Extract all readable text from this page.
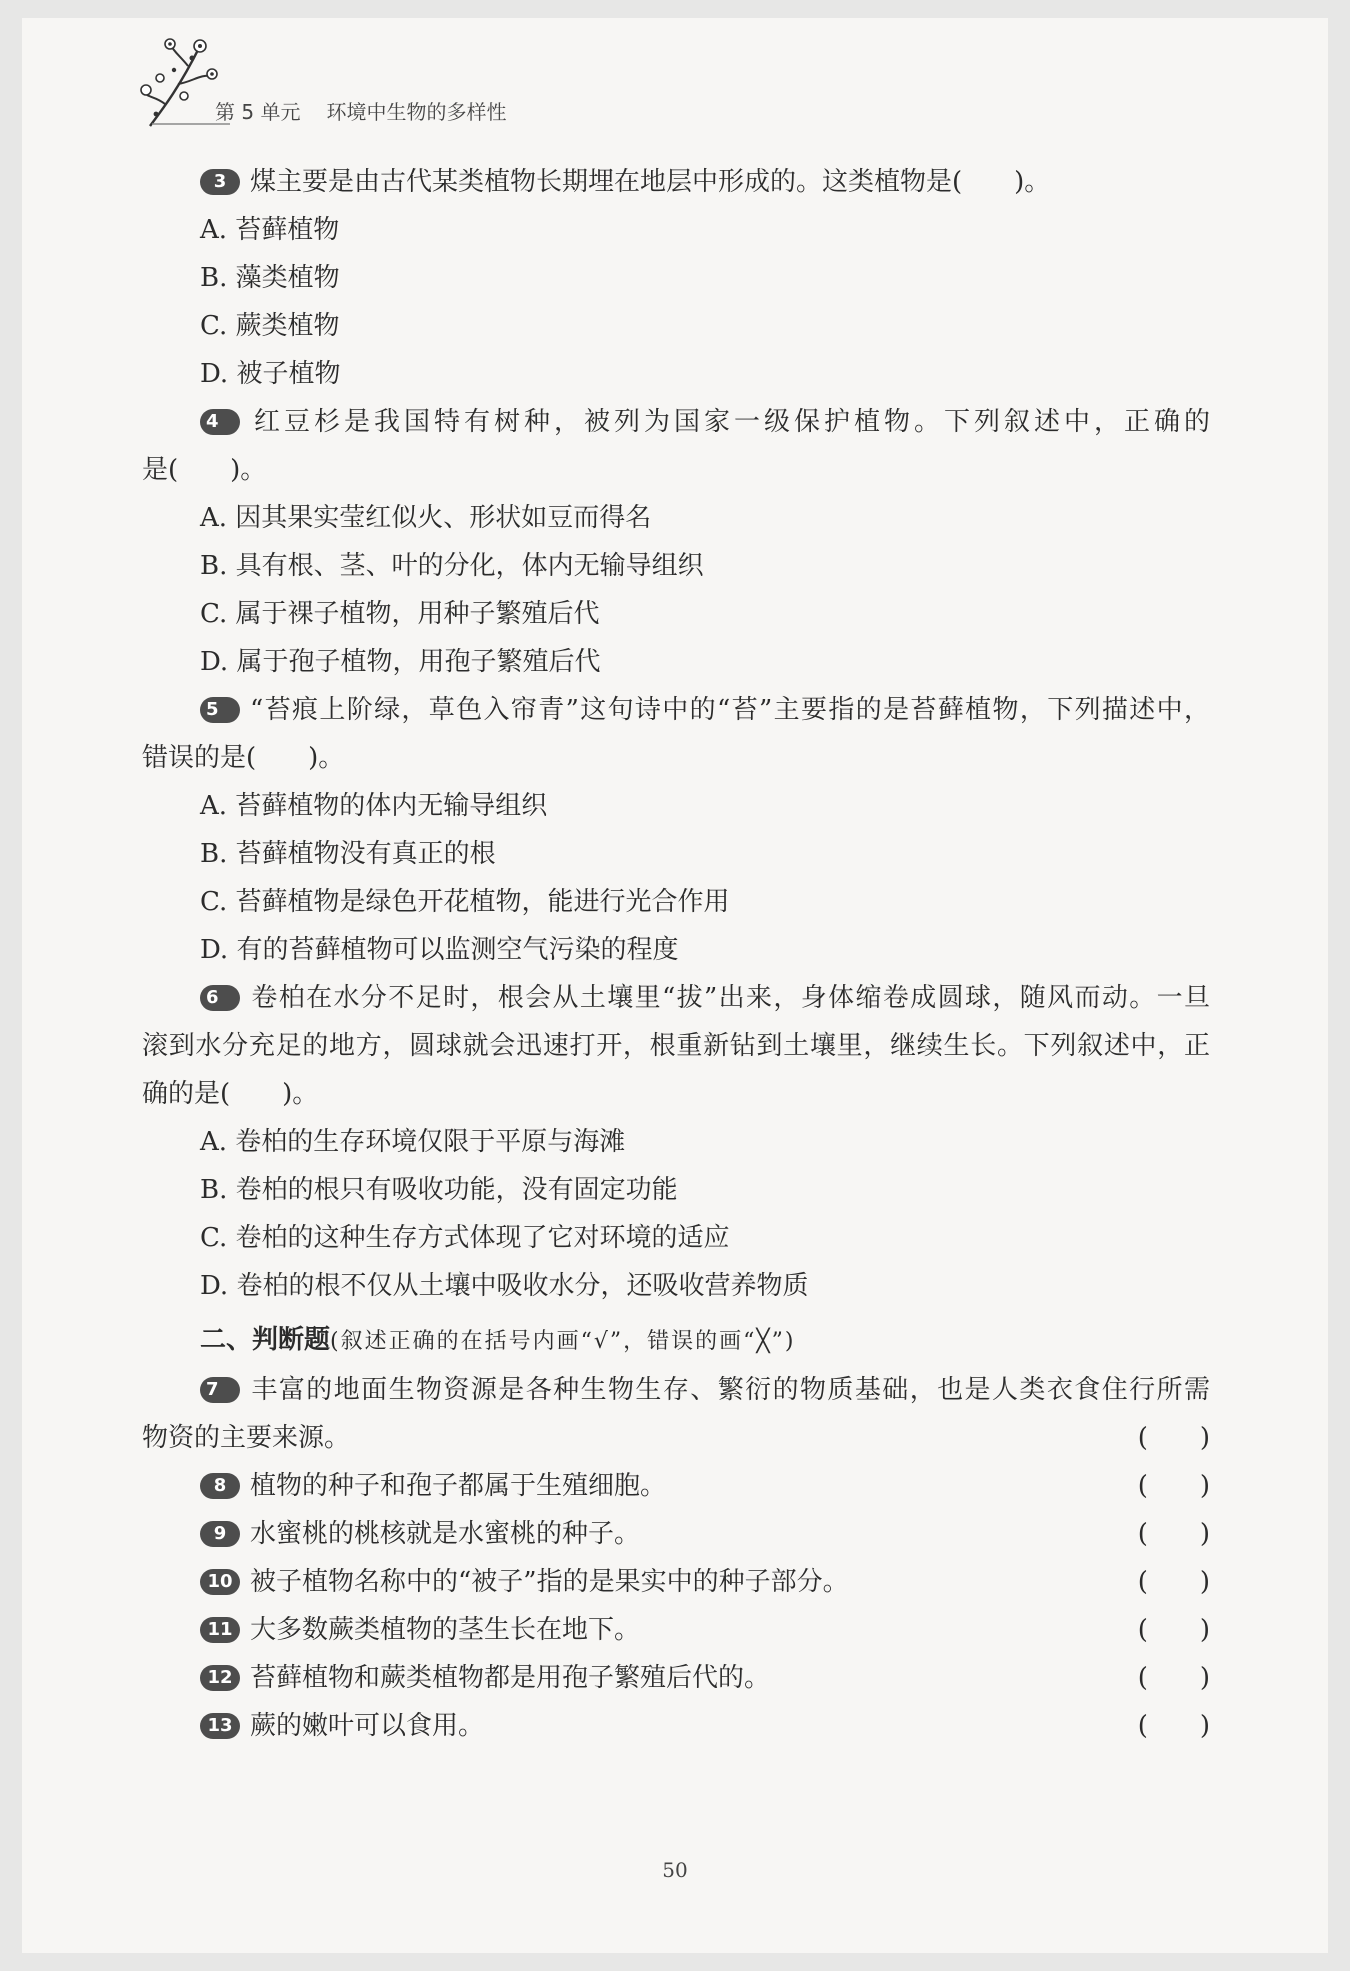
第 5 单元 环境中生物的多样性
3 煤主要是由古代某类植物长期埋在地层中形成的。这类植物是(　　)。
A. 苔藓植物
B. 藻类植物
C. 蕨类植物
D. 被子植物
4 红豆杉是我国特有树种，被列为国家一级保护植物。下列叙述中，正确的
是(　　)。
A. 因其果实莹红似火、形状如豆而得名
B. 具有根、茎、叶的分化，体内无输导组织
C. 属于裸子植物，用种子繁殖后代
D. 属于孢子植物，用孢子繁殖后代
5 “苔痕上阶绿，草色入帘青”这句诗中的“苔”主要指的是苔藓植物，下列描述中，
错误的是(　　)。
A. 苔藓植物的体内无输导组织
B. 苔藓植物没有真正的根
C. 苔藓植物是绿色开花植物，能进行光合作用
D. 有的苔藓植物可以监测空气污染的程度
6 卷柏在水分不足时，根会从土壤里“拔”出来，身体缩卷成圆球，随风而动。一旦
滚到水分充足的地方，圆球就会迅速打开，根重新钻到土壤里，继续生长。下列叙述中，正
确的是(　　)。
A. 卷柏的生存环境仅限于平原与海滩
B. 卷柏的根只有吸收功能，没有固定功能
C. 卷柏的这种生存方式体现了它对环境的适应
D. 卷柏的根不仅从土壤中吸收水分，还吸收营养物质
二、判断题(叙述正确的在括号内画“√”，错误的画“╳”)
7 丰富的地面生物资源是各种生物生存、繁衍的物质基础，也是人类衣食住行所需
物资的主要来源。	(　　)
8 植物的种子和孢子都属于生殖细胞。	(　　)
9 水蜜桃的桃核就是水蜜桃的种子。	(　　)
10 被子植物名称中的“被子”指的是果实中的种子部分。	(　　)
11 大多数蕨类植物的茎生长在地下。	(　　)
12 苔藓植物和蕨类植物都是用孢子繁殖后代的。	(　　)
13 蕨的嫩叶可以食用。	(　　)
50
